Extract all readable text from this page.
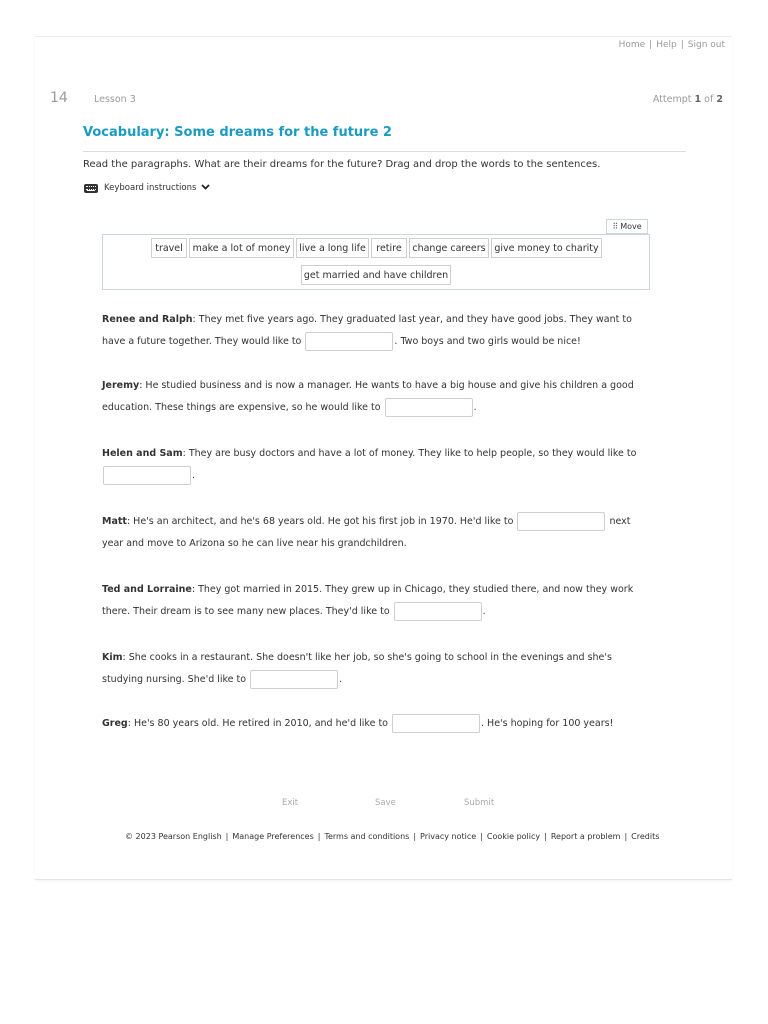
Home | Help | Sign out
14	Lesson 3	Attempt 1 of 2
Vocabulary: Some dreams for the future 2
Read the paragraphs. What are their dreams for the future? Drag and drop the words to the sentences.
Keyboard instructions
⠿ Move
travel	make a lot of money live a long life	retire	change careers give money to charity
get married and have children
Renee and Ralph: They met five years ago. They graduated last year, and they have good jobs. They want to have a future together. They would like to	. Two boys and two girls would be nice!
Jeremy: He studied business and is now a manager. He wants to have a big house and give his children a good education. These things are expensive, so he would like to	.
Helen and Sam: They are busy doctors and have a lot of money. They like to help people, so they would like to .
Matt: He's an architect, and he's 68 years old. He got his first job in 1970. He'd like to	next year and move to Arizona so he can live near his grandchildren.
Ted and Lorraine: They got married in 2015. They grew up in Chicago, they studied there, and now they work there. Their dream is to see many new places. They'd like to	.
Kim: She cooks in a restaurant. She doesn't like her job, so she's going to school in the evenings and she's studying nursing. She'd like to	.
Greg: He's 80 years old. He retired in 2010, and he'd like to	. He's hoping for 100 years!
Exit	Save	Submit
© 2023 Pearson English | Manage Preferences | Terms and conditions | Privacy notice | Cookie policy | Report a problem | Credits
